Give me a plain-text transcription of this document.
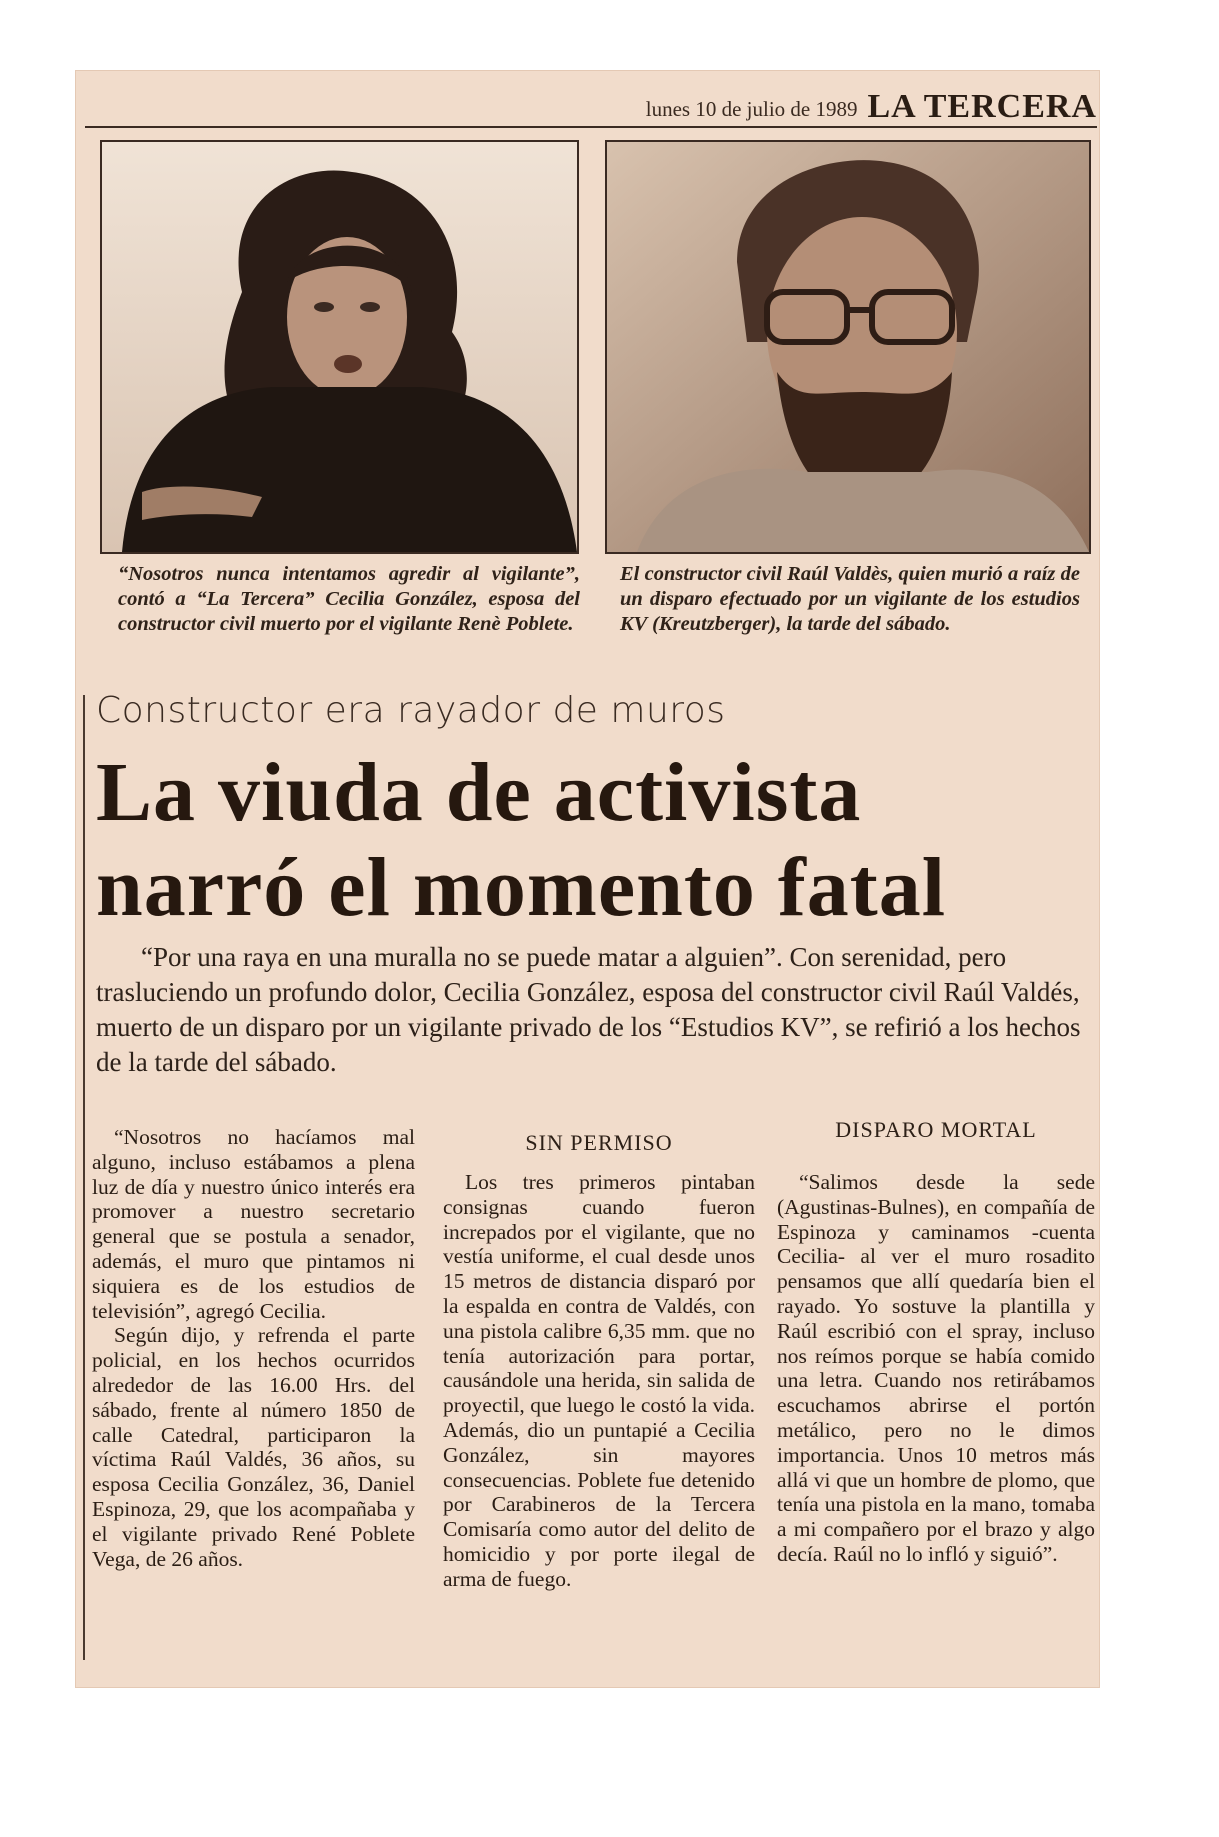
lunes 10 de julio de 1989 LA TERCERA
“Nosotros nunca intentamos agredir al vigilante”, contó a “La Tercera” Cecilia González, esposa del constructor civil muerto por el vigilante Renè Poblete.
El constructor civil Raúl Valdès, quien murió a raíz de un disparo efectuado por un vigilante de los estudios KV (Kreutzberger), la tarde del sábado.
Constructor era rayador de muros
La viuda de activista
narró el momento fatal
“Por una raya en una muralla no se puede matar a alguien”. Con serenidad, pero trasluciendo un profundo dolor, Cecilia González, esposa del constructor civil Raúl Valdés, muerto de un disparo por un vigilante privado de los “Estudios KV”, se refirió a los hechos de la tarde del sábado.

“Nosotros no hacíamos mal alguno, incluso estábamos a plena luz de día y nuestro único interés era promover a nuestro secretario general que se postula a senador, además, el muro que pintamos ni siquiera es de los estudios de televisión”, agregó Cecilia.

Según dijo, y refrenda el parte policial, en los hechos ocurridos alrededor de las 16.00 Hrs. del sábado, frente al número 1850 de calle Catedral, participaron la víctima Raúl Valdés, 36 años, su esposa Cecilia González, 36, Daniel Espinoza, 29, que los acompañaba y el vigilante privado René Poblete Vega, de 26 años.

SIN PERMISO

Los tres primeros pintaban consignas cuando fueron increpados por el vigilante, que no vestía uniforme, el cual desde unos 15 metros de distancia disparó por la espalda en contra de Valdés, con una pistola calibre 6,35 mm. que no tenía autorización para portar, causándole una herida, sin salida de proyectil, que luego le costó la vida. Además, dio un puntapié a Cecilia González, sin mayores consecuencias. Poblete fue detenido por Carabineros de la Tercera Comisaría como autor del delito de homicidio y por porte ilegal de arma de fuego.

DISPARO MORTAL

“Salimos desde la sede (Agustinas-Bulnes), en compañía de Espinoza y caminamos -cuenta Cecilia- al ver el muro rosadito pensamos que allí quedaría bien el rayado. Yo sostuve la plantilla y Raúl escribió con el spray, incluso nos reímos porque se había comido una letra. Cuando nos retirábamos escuchamos abrirse el portón metálico, pero no le dimos importancia. Unos 10 metros más allá vi que un hombre de plomo, que tenía una pistola en la mano, tomaba a mi compañero por el brazo y algo decía. Raúl no lo infló y siguió”.
